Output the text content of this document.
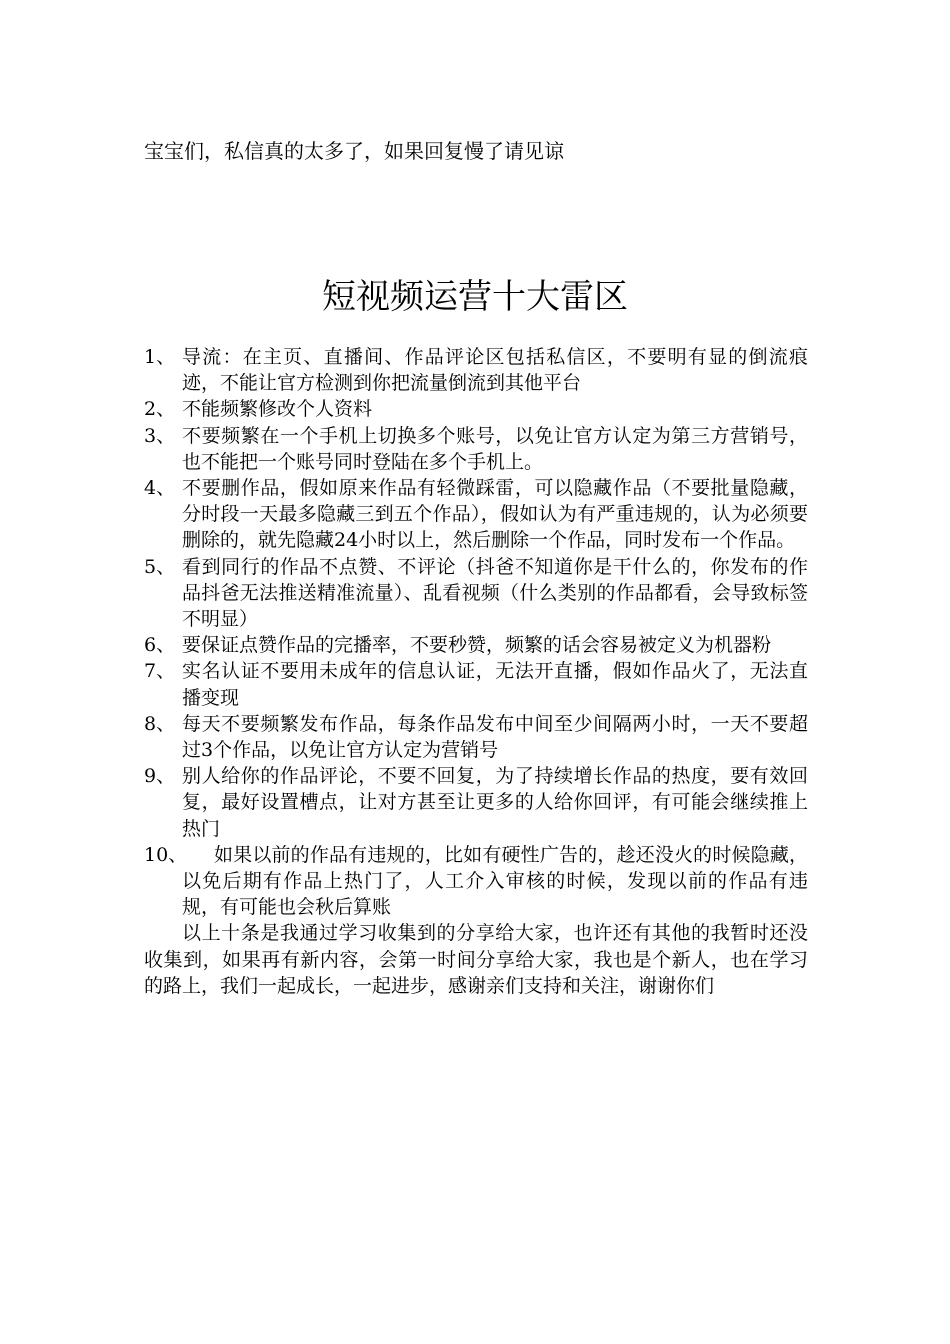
宝宝们，私信真的太多了，如果回复慢了请见谅
短视频运营十大雷区
1、 导流：在主页、直播间、作品评论区包括私信区，不要明有显的倒流痕迹，不能让官方检测到你把流量倒流到其他平台
2、 不能频繁修改个人资料
3、 不要频繁在一个手机上切换多个账号，以免让官方认定为第三方营销号，也不能把一个账号同时登陆在多个手机上。
4、 不要删作品，假如原来作品有轻微踩雷，可以隐藏作品（不要批量隐藏，分时段一天最多隐藏三到五个作品），假如认为有严重违规的，认为必须要删除的，就先隐藏24小时以上，然后删除一个作品，同时发布一个作品。
5、 看到同行的作品不点赞、不评论（抖爸不知道你是干什么的，你发布的作品抖爸无法推送精准流量）、乱看视频（什么类别的作品都看，会导致标签不明显）
6、 要保证点赞作品的完播率，不要秒赞，频繁的话会容易被定义为机器粉
7、 实名认证不要用未成年的信息认证，无法开直播，假如作品火了，无法直播变现
8、 每天不要频繁发布作品，每条作品发布中间至少间隔两小时，一天不要超过3个作品，以免让官方认定为营销号
9、 别人给你的作品评论，不要不回复，为了持续增长作品的热度，要有效回复，最好设置槽点，让对方甚至让更多的人给你回评，有可能会继续推上热门
10、	如果以前的作品有违规的，比如有硬性广告的，趁还没火的时候隐藏，以免后期有作品上热门了，人工介入审核的时候，发现以前的作品有违规，有可能也会秋后算账
以上十条是我通过学习收集到的分享给大家，也许还有其他的我暂时还没收集到，如果再有新内容，会第一时间分享给大家，我也是个新人，也在学习的路上，我们一起成长，一起进步，感谢亲们支持和关注，谢谢你们
